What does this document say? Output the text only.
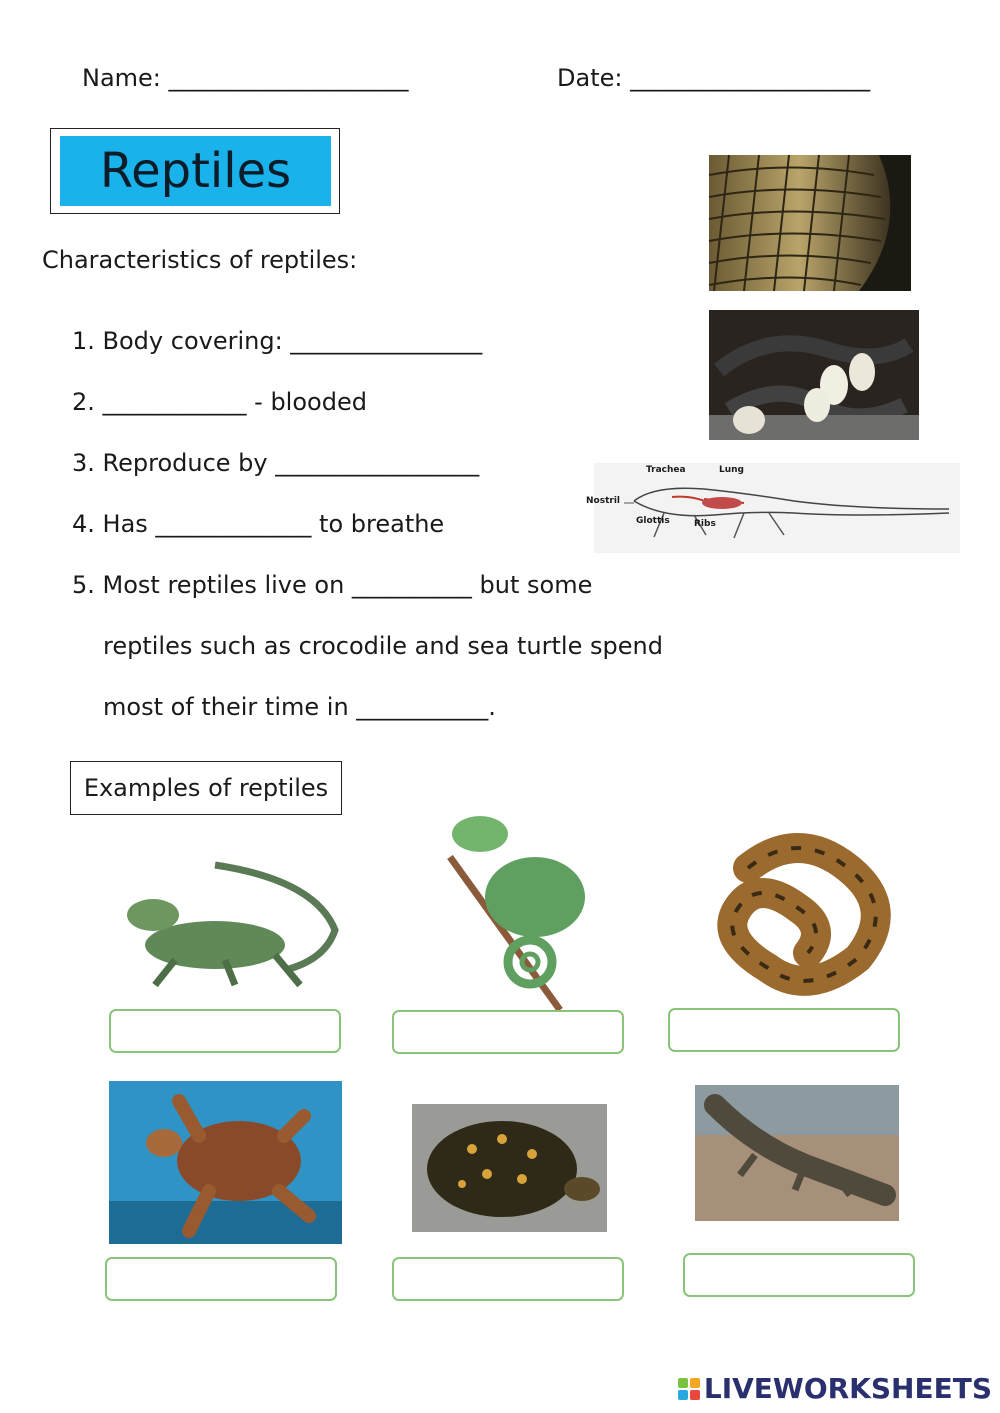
Name: ____________________	Date: ____________________
Reptiles
Characteristics of reptiles:
1. Body covering: ________________
2. ____________ - blooded
3. Reproduce by _________________
4. Has _____________ to breathe
5. Most reptiles live on __________ but some
reptiles such as crocodile and sea turtle spend
most of their time in ___________.
Trachea	Lung
Nostril
Glottis	Ribs
Examples of reptiles
LIVEWORKSHEETS
